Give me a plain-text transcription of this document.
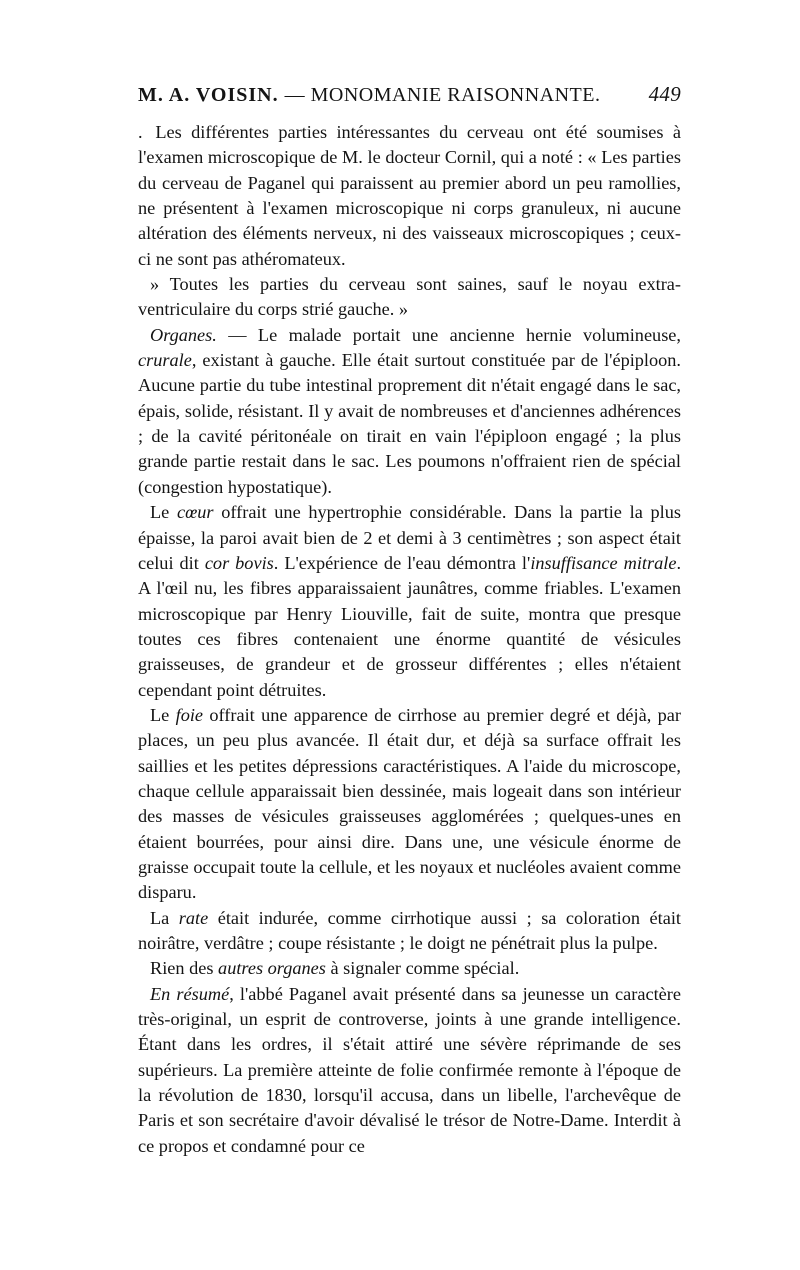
M. A. VOISIN. — MONOMANIE RAISONNANTE.	449

. Les différentes parties intéressantes du cerveau ont été soumises à l'examen microscopique de M. le docteur Cornil, qui a noté : « Les parties du cerveau de Paganel qui paraissent au premier abord un peu ramollies, ne présentent à l'examen microscopique ni corps granuleux, ni aucune altération des éléments nerveux, ni des vaisseaux microscopiques ; ceux-ci ne sont pas athéromateux.

» Toutes les parties du cerveau sont saines, sauf le noyau extra-ventriculaire du corps strié gauche. »

Organes. — Le malade portait une ancienne hernie volumineuse, crurale, existant à gauche. Elle était surtout constituée par de l'épiploon. Aucune partie du tube intestinal proprement dit n'était engagé dans le sac, épais, solide, résistant. Il y avait de nombreuses et d'anciennes adhérences ; de la cavité péritonéale on tirait en vain l'épiploon engagé ; la plus grande partie restait dans le sac. Les poumons n'offraient rien de spécial (congestion hypostatique).

Le cœur offrait une hypertrophie considérable. Dans la partie la plus épaisse, la paroi avait bien de 2 et demi à 3 centimètres ; son aspect était celui dit cor bovis. L'expérience de l'eau démontra l'insuffisance mitrale. A l'œil nu, les fibres apparaissaient jaunâtres, comme friables. L'examen microscopique par Henry Liouville, fait de suite, montra que presque toutes ces fibres contenaient une énorme quantité de vésicules graisseuses, de grandeur et de grosseur différentes ; elles n'étaient cependant point détruites.

Le foie offrait une apparence de cirrhose au premier degré et déjà, par places, un peu plus avancée. Il était dur, et déjà sa surface offrait les saillies et les petites dépressions caractéristiques. A l'aide du microscope, chaque cellule apparaissait bien dessinée, mais logeait dans son intérieur des masses de vésicules graisseuses agglomérées ; quelques-unes en étaient bourrées, pour ainsi dire. Dans une, une vésicule énorme de graisse occupait toute la cellule, et les noyaux et nucléoles avaient comme disparu.

La rate était indurée, comme cirrhotique aussi ; sa coloration était noirâtre, verdâtre ; coupe résistante ; le doigt ne pénétrait plus la pulpe.

Rien des autres organes à signaler comme spécial.

En résumé, l'abbé Paganel avait présenté dans sa jeunesse un caractère très-original, un esprit de controverse, joints à une grande intelligence. Étant dans les ordres, il s'était attiré une sévère réprimande de ses supérieurs. La première atteinte de folie confirmée remonte à l'époque de la révolution de 1830, lorsqu'il accusa, dans un libelle, l'archevêque de Paris et son secrétaire d'avoir dévalisé le trésor de Notre-Dame. Interdit à ce propos et condamné pour ce
